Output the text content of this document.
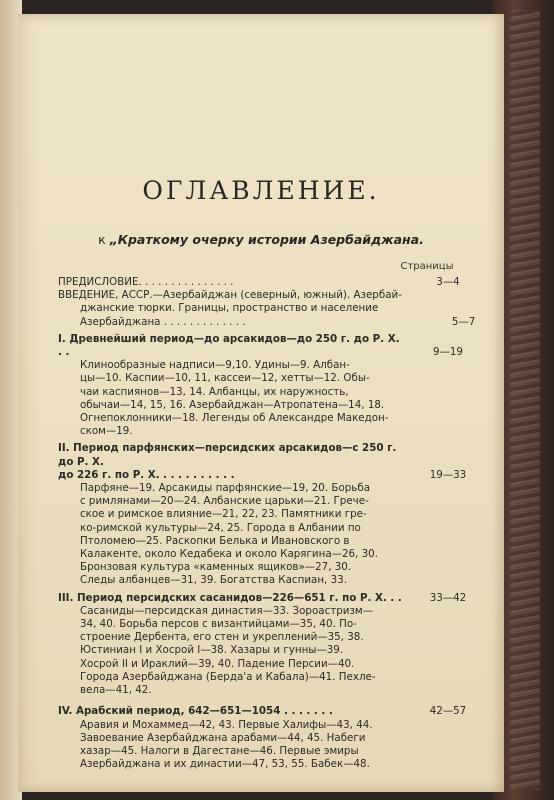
ОГЛАВЛЕНИЕ.
к „Краткому очерку истории Азербайджана.
Страницы
ПРЕДИСЛОВИЕ. . . . . . . . . . . . . . .	3—4
ВВЕДЕНИЕ, АССР.—Азербайджан (северный, южный). Азербай-
джанские тюрки. Границы, пространство и население
Азербайджана . . . . . . . . . . . . .	5—7
I. Древнейший период—до арсакидов—до 250 г. до Р. Х. . .	9—19
Клинообразные надписи—9,10. Удины—9. Албан-
цы—10. Каспии—10, 11, кассеи—12, хетты—12. Обы-
чаи каспиянов—13, 14. Албанцы, их наружность,
обычаи—14, 15, 16. Азербайджан—Атропатена—14, 18.
Огнепоклонники—18. Легенды об Александре Македон-
ском—19.
II. Период парфянских—персидских арсакидов—с 250 г. до Р. Х.
до 226 г. по Р. Х. . . . . . . . . . .	19—33
Парфяне—19. Арсакиды парфянские—19, 20. Борьба
с римлянами—20—24. Албанские царьки—21. Грече-
ское и римское влияние—21, 22, 23. Памятники гре-
ко-римской культуры—24, 25. Города в Албании по
Птоломею—25. Раскопки Белька и Ивановского в
Калакенте, около Кедабека и около Карягина—26, 30.
Бронзовая культура «каменных ящиков»—27, 30.
Следы албанцев—31, 39. Богатства Каспиан, 33.
III. Период персидских сасанидов—226—651 г. по Р. Х. . .	33—42
Сасаниды—персидская династия—33. Зороастризм—
34, 40. Борьба персов с византийцами—35, 40. По-
строение Дербента, его стен и укреплений—35, 38.
Юстиниан I и Хосрой I—38. Хазары и гунны—39.
Хосрой II и Ираклий—39, 40. Падение Персии—40.
Города Азербайджана (Берда'а и Кабала)—41. Пехле-
вела—41, 42.
IV. Арабский период, 642—651—1054 . . . . . . .	42—57
Аравия и Мохаммед—42, 43. Первые Халифы—43, 44.
Завоевание Азербайджана арабами—44, 45. Набеги
хазар—45. Налоги в Дагестане—46. Первые эмиры
Азербайджана и их династии—47, 53, 55. Бабек—48.
